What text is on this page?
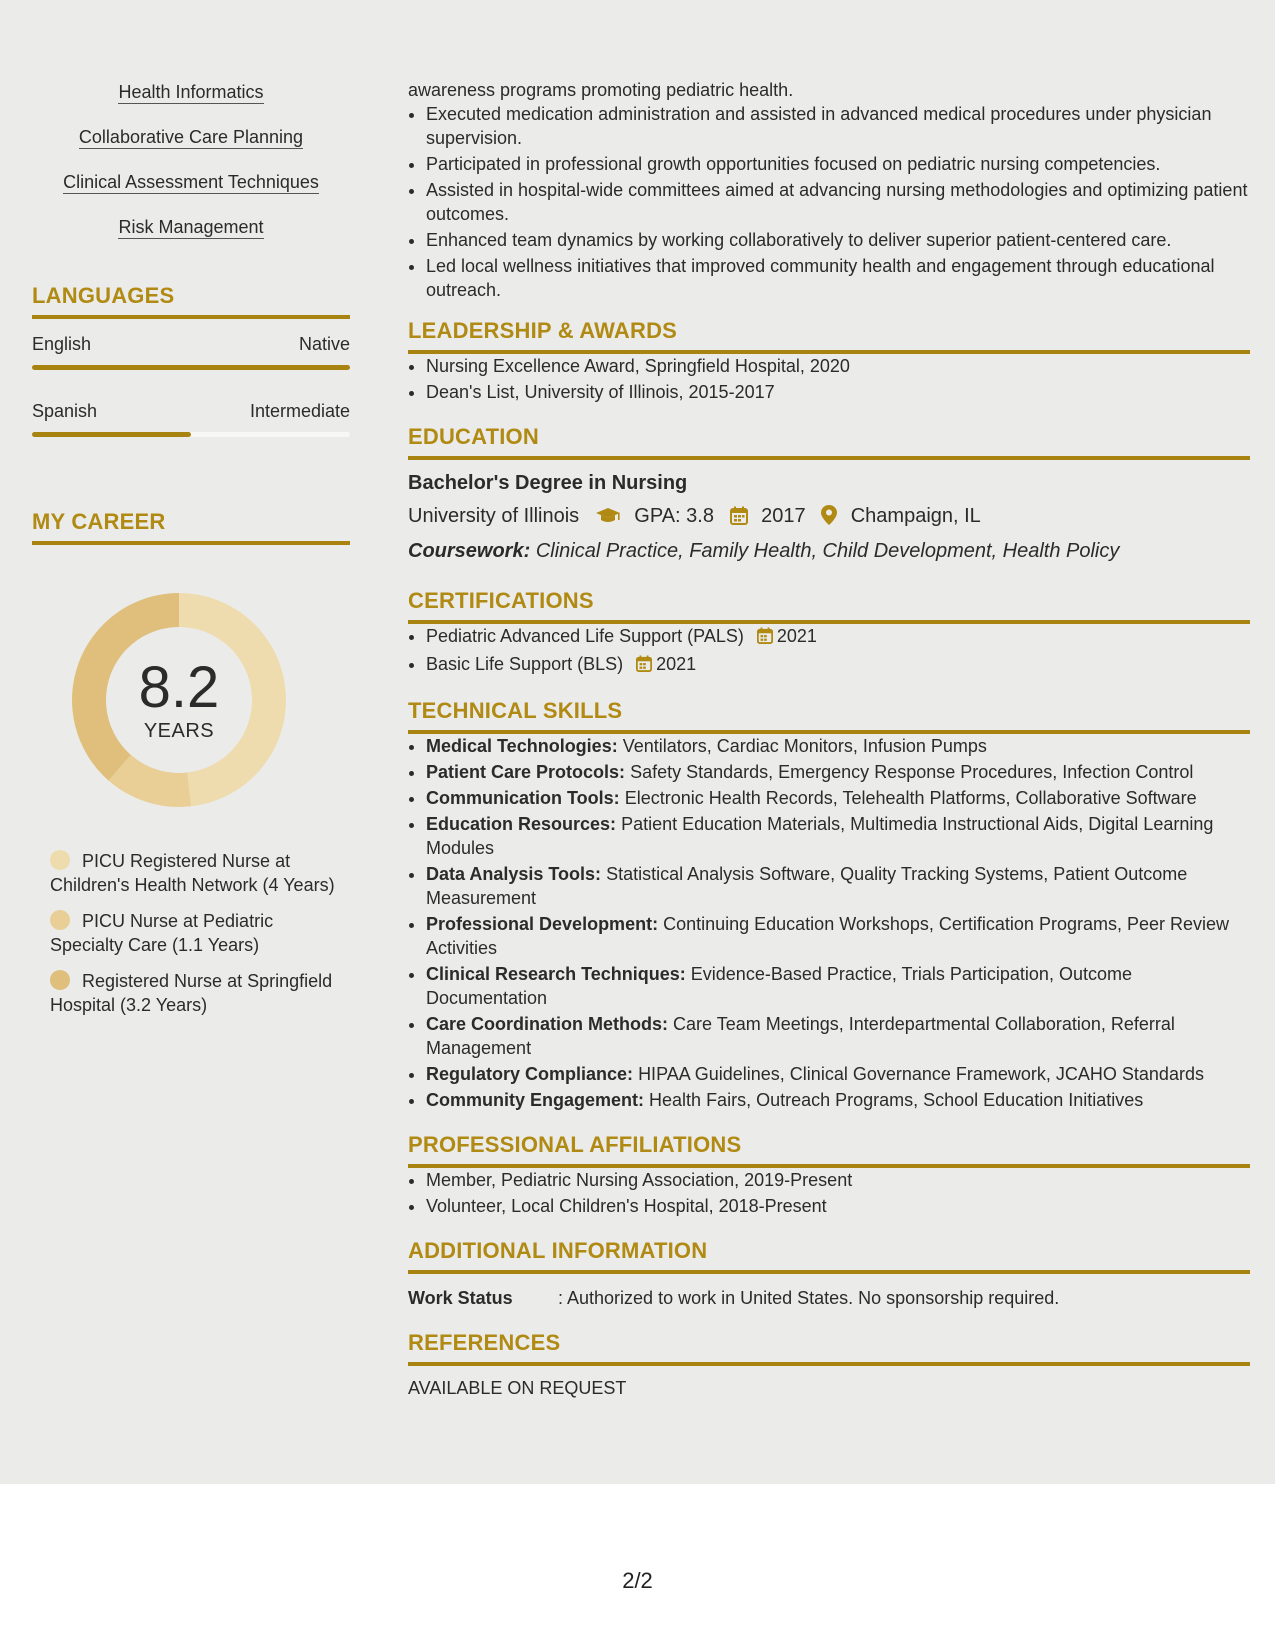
Health Informatics
Collaborative Care Planning
Clinical Assessment Techniques
Risk Management
LANGUAGES
English	Native
Spanish	Intermediate
MY CAREER
8.2
YEARS
PICU Registered Nurse at Children's Health Network (4 Years)
PICU Nurse at Pediatric Specialty Care (1.1 Years)
Registered Nurse at Springfield Hospital (3.2 Years)
awareness programs promoting pediatric health.
• Executed medication administration and assisted in advanced medical procedures under physician supervision.
• Participated in professional growth opportunities focused on pediatric nursing competencies.
• Assisted in hospital-wide committees aimed at advancing nursing methodologies and optimizing patient outcomes.
• Enhanced team dynamics by working collaboratively to deliver superior patient-centered care.
• Led local wellness initiatives that improved community health and engagement through educational outreach.
LEADERSHIP & AWARDS
• Nursing Excellence Award, Springfield Hospital, 2020
• Dean's List, University of Illinois, 2015-2017
EDUCATION
Bachelor's Degree in Nursing
University of Illinois	GPA: 3.8 2017 Champaign, IL
Coursework: Clinical Practice, Family Health, Child Development, Health Policy
CERTIFICATIONS
• Pediatric Advanced Life Support (PALS) 2021
• Basic Life Support (BLS) 2021
TECHNICAL SKILLS
• Medical Technologies: Ventilators, Cardiac Monitors, Infusion Pumps
• Patient Care Protocols: Safety Standards, Emergency Response Procedures, Infection Control
• Communication Tools: Electronic Health Records, Telehealth Platforms, Collaborative Software
• Education Resources: Patient Education Materials, Multimedia Instructional Aids, Digital Learning Modules
• Data Analysis Tools: Statistical Analysis Software, Quality Tracking Systems, Patient Outcome Measurement
• Professional Development: Continuing Education Workshops, Certification Programs, Peer Review Activities
• Clinical Research Techniques: Evidence-Based Practice, Trials Participation, Outcome Documentation
• Care Coordination Methods: Care Team Meetings, Interdepartmental Collaboration, Referral Management
• Regulatory Compliance: HIPAA Guidelines, Clinical Governance Framework, JCAHO Standards
• Community Engagement: Health Fairs, Outreach Programs, School Education Initiatives
PROFESSIONAL AFFILIATIONS
• Member, Pediatric Nursing Association, 2019-Present
• Volunteer, Local Children's Hospital, 2018-Present
ADDITIONAL INFORMATION
Work Status	: Authorized to work in United States. No sponsorship required.
REFERENCES
AVAILABLE ON REQUEST
2/2
